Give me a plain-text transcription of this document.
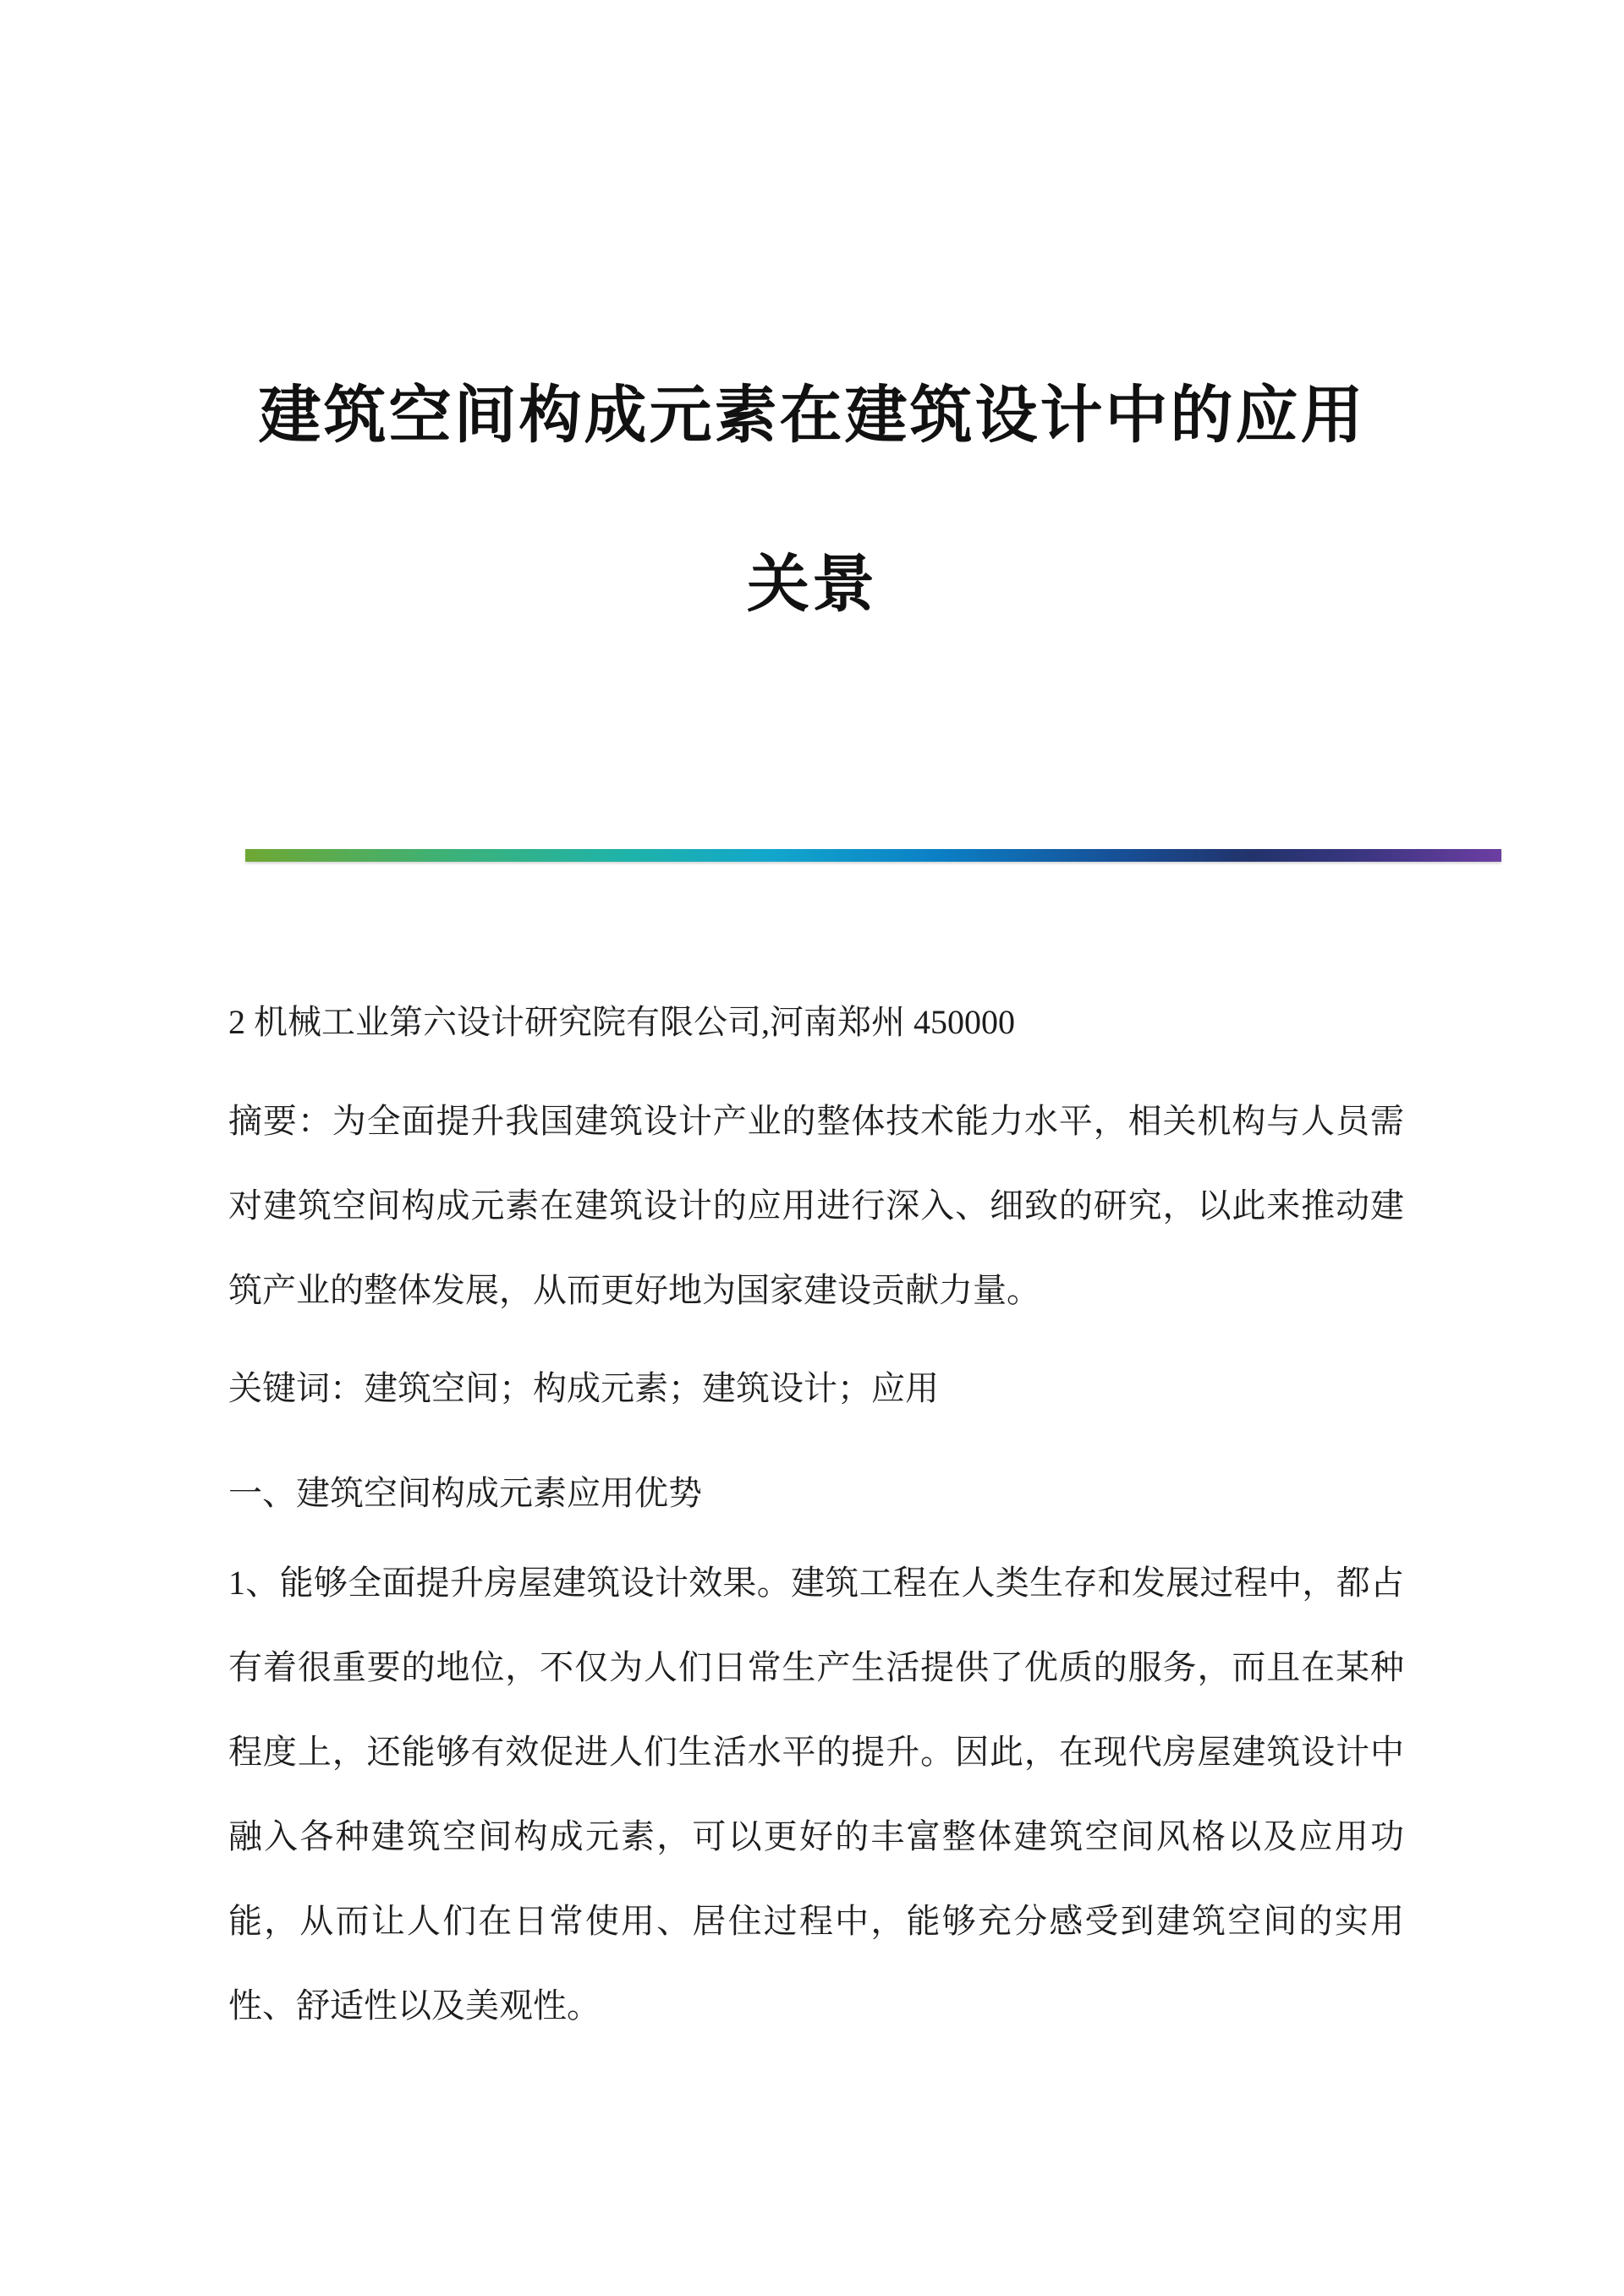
建筑空间构成元素在建筑设计中的应用
关景
2 机械工业第六设计研究院有限公司,河南郑州 450000
摘要：为全面提升我国建筑设计产业的整体技术能力水平，相关机构与人员需
对建筑空间构成元素在建筑设计的应用进行深入、细致的研究，以此来推动建
筑产业的整体发展，从而更好地为国家建设贡献力量。
关键词：建筑空间；构成元素；建筑设计；应用
一、建筑空间构成元素应用优势
1、能够全面提升房屋建筑设计效果。建筑工程在人类生存和发展过程中，都占
有着很重要的地位，不仅为人们日常生产生活提供了优质的服务，而且在某种
程度上，还能够有效促进人们生活水平的提升。因此，在现代房屋建筑设计中
融入各种建筑空间构成元素，可以更好的丰富整体建筑空间风格以及应用功
能，从而让人们在日常使用、居住过程中，能够充分感受到建筑空间的实用
性、舒适性以及美观性。
